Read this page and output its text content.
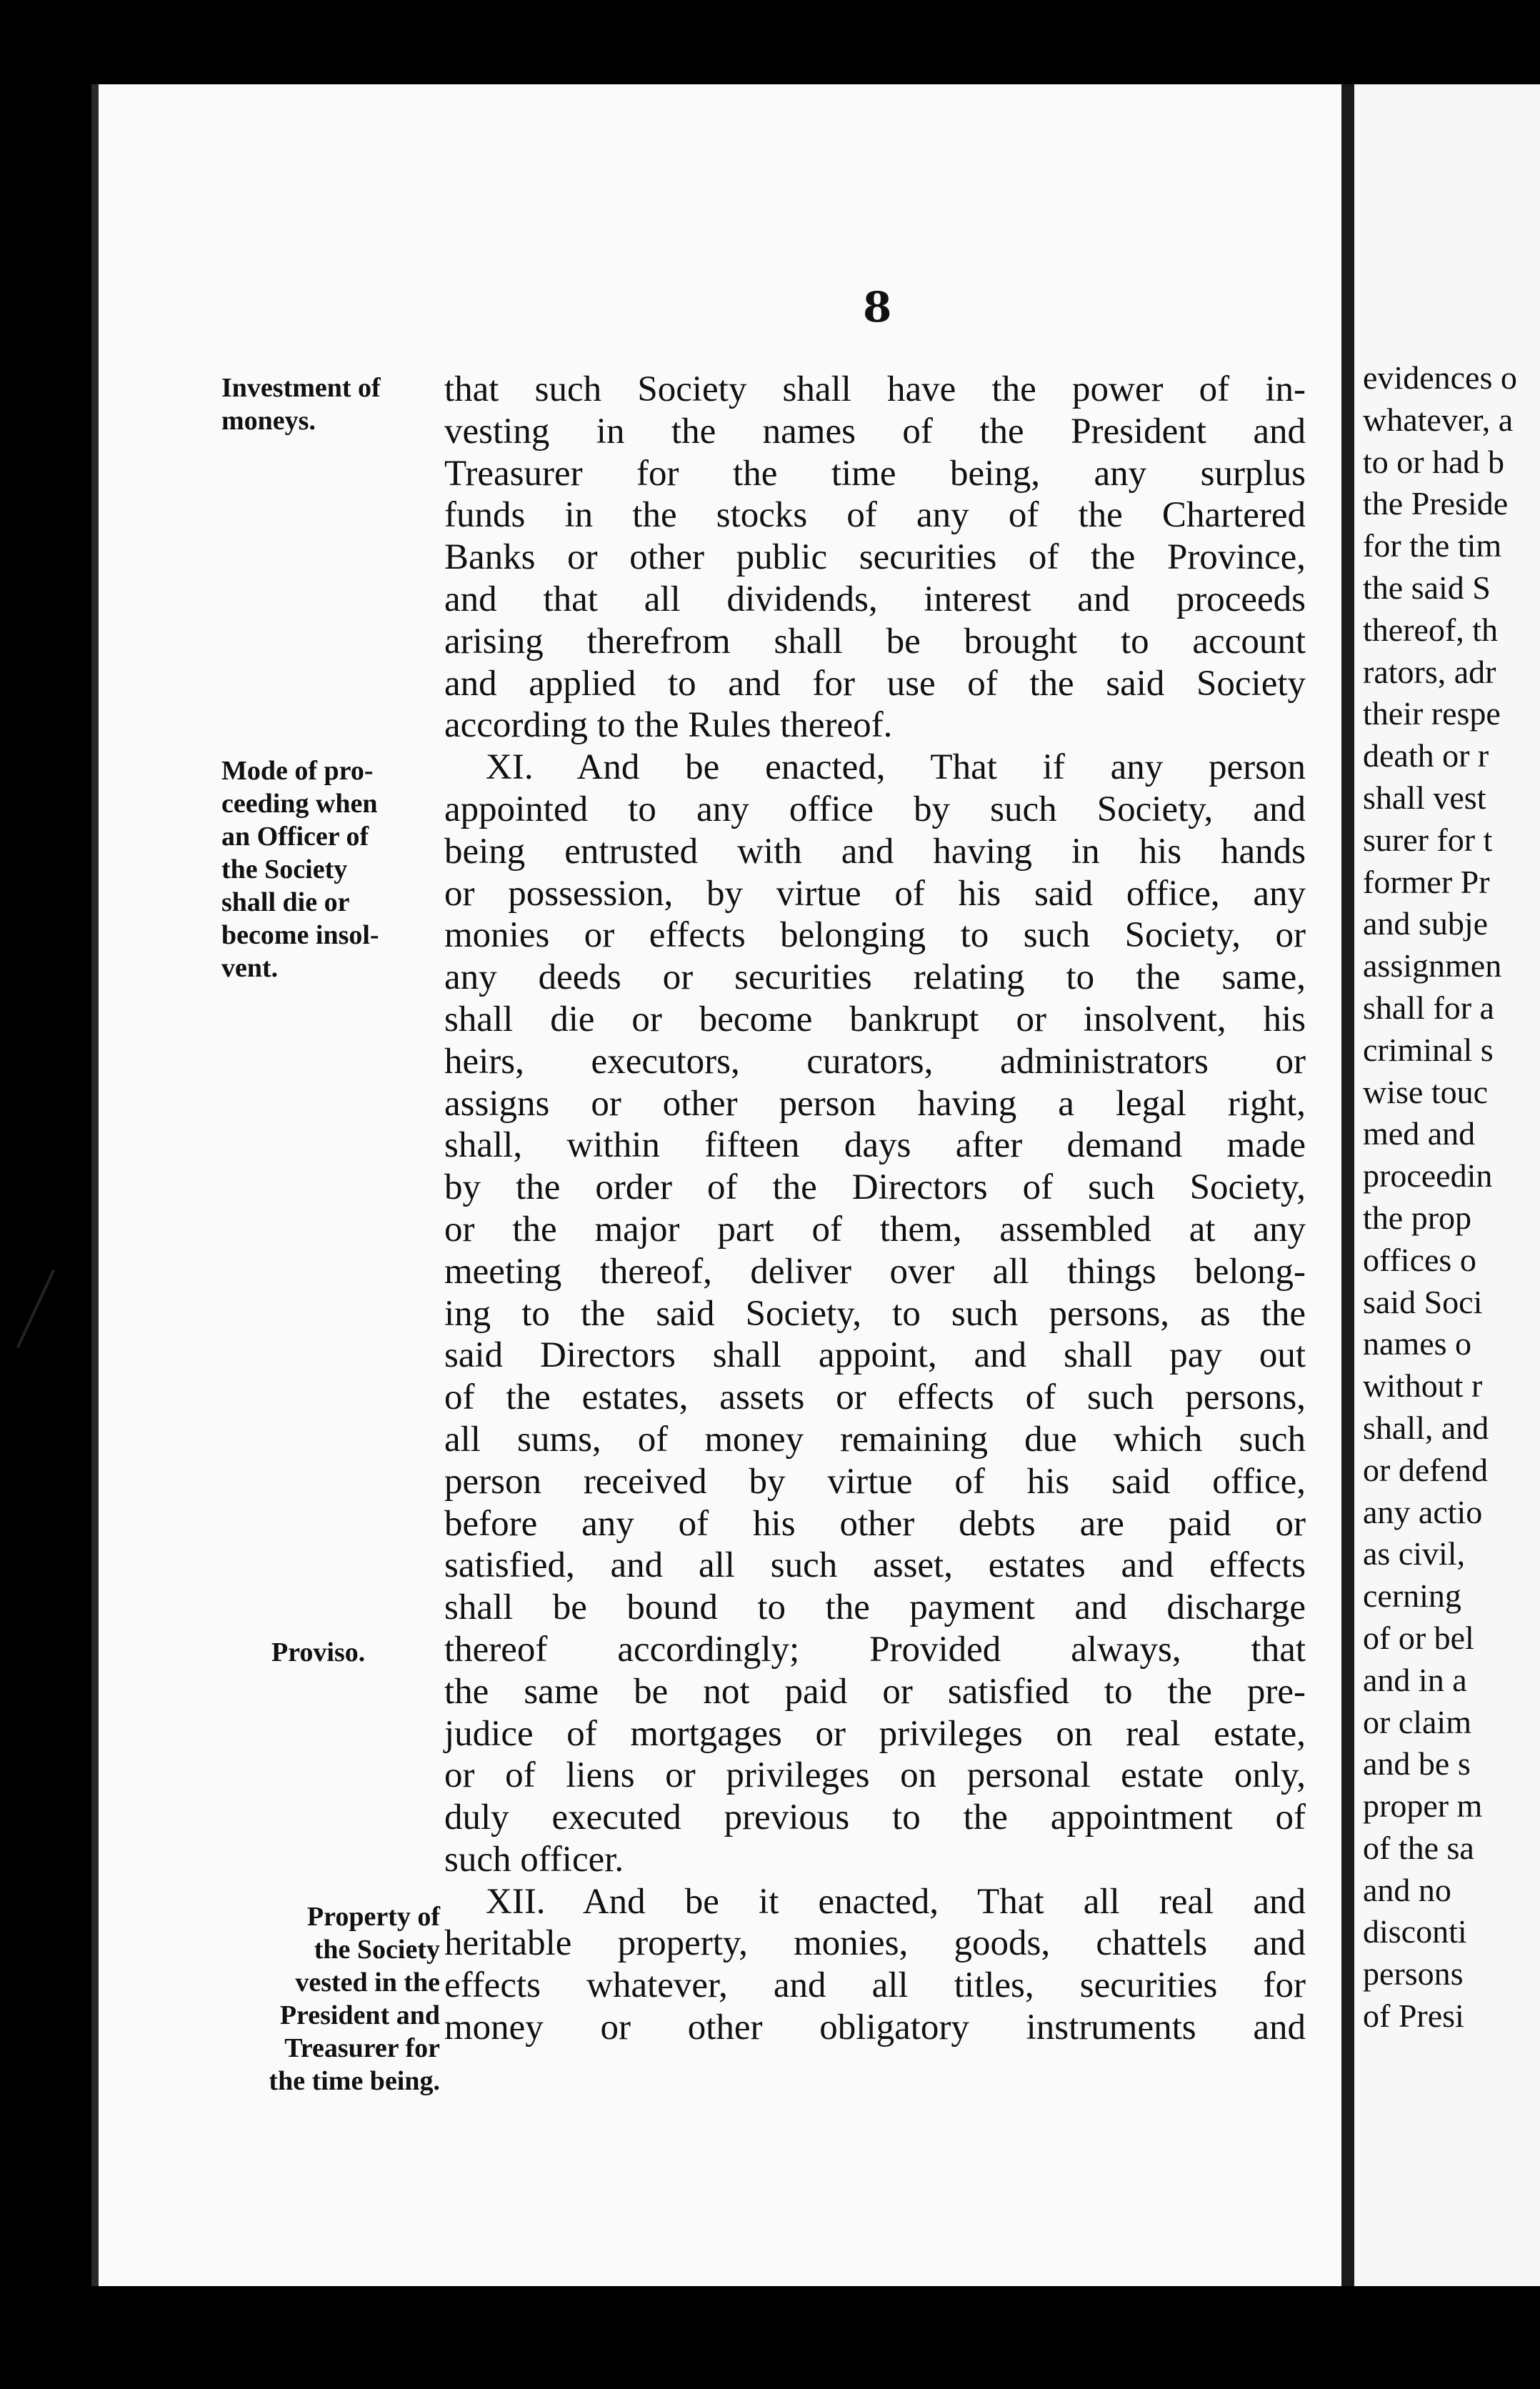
8
Investment of
moneys.
Mode of pro-
ceeding when
an Officer of
the Society
shall die or
become insol-
vent.
Proviso.
Property of
the Society
vested in the
President and
Treasurer for
the time being.
that such Society shall have the power of in-
vesting in the names of the President and
Treasurer for the time being, any surplus
funds in the stocks of any of the Chartered
Banks or other public securities of the Province,
and that all dividends, interest and proceeds
arising therefrom shall be brought to account
and applied to and for use of the said Society
according to the Rules thereof.
XI. And be enacted, That if any person
appointed to any office by such Society, and
being entrusted with and having in his hands
or possession, by virtue of his said office, any
monies or effects belonging to such Society, or
any deeds or securities relating to the same,
shall die or become bankrupt or insolvent, his
heirs, executors, curators, administrators or
assigns or other person having a legal right,
shall, within fifteen days after demand made
by the order of the Directors of such Society,
or the major part of them, assembled at any
meeting thereof, deliver over all things belong-
ing to the said Society, to such persons, as the
said Directors shall appoint, and shall pay out
of the estates, assets or effects of such persons,
all sums, of money remaining due which such
person received by virtue of his said office,
before any of his other debts are paid or
satisfied, and all such asset, estates and effects
shall be bound to the payment and discharge
thereof accordingly; Provided always, that
the same be not paid or satisfied to the pre-
judice of mortgages or privileges on real estate,
or of liens or privileges on personal estate only,
duly executed previous to the appointment of
such officer.
XII. And be it enacted, That all real and
heritable property, monies, goods, chattels and
effects whatever, and all titles, securities for
money or other obligatory instruments and
evidences o
whatever, a
to or had b
the Preside
for the tim
the said S
thereof, th
rators, adr
their respe
death or r
shall vest
surer for t
former Pr
and subje
assignmen
shall for a
criminal s
wise touc
med and
proceedin
the prop
offices o
said Soci
names o
without r
shall, and
or defend
any actio
as civil,
cerning
of or bel
and in a
or claim
and be s
proper m
of the sa
and no
disconti
persons
of Presi
